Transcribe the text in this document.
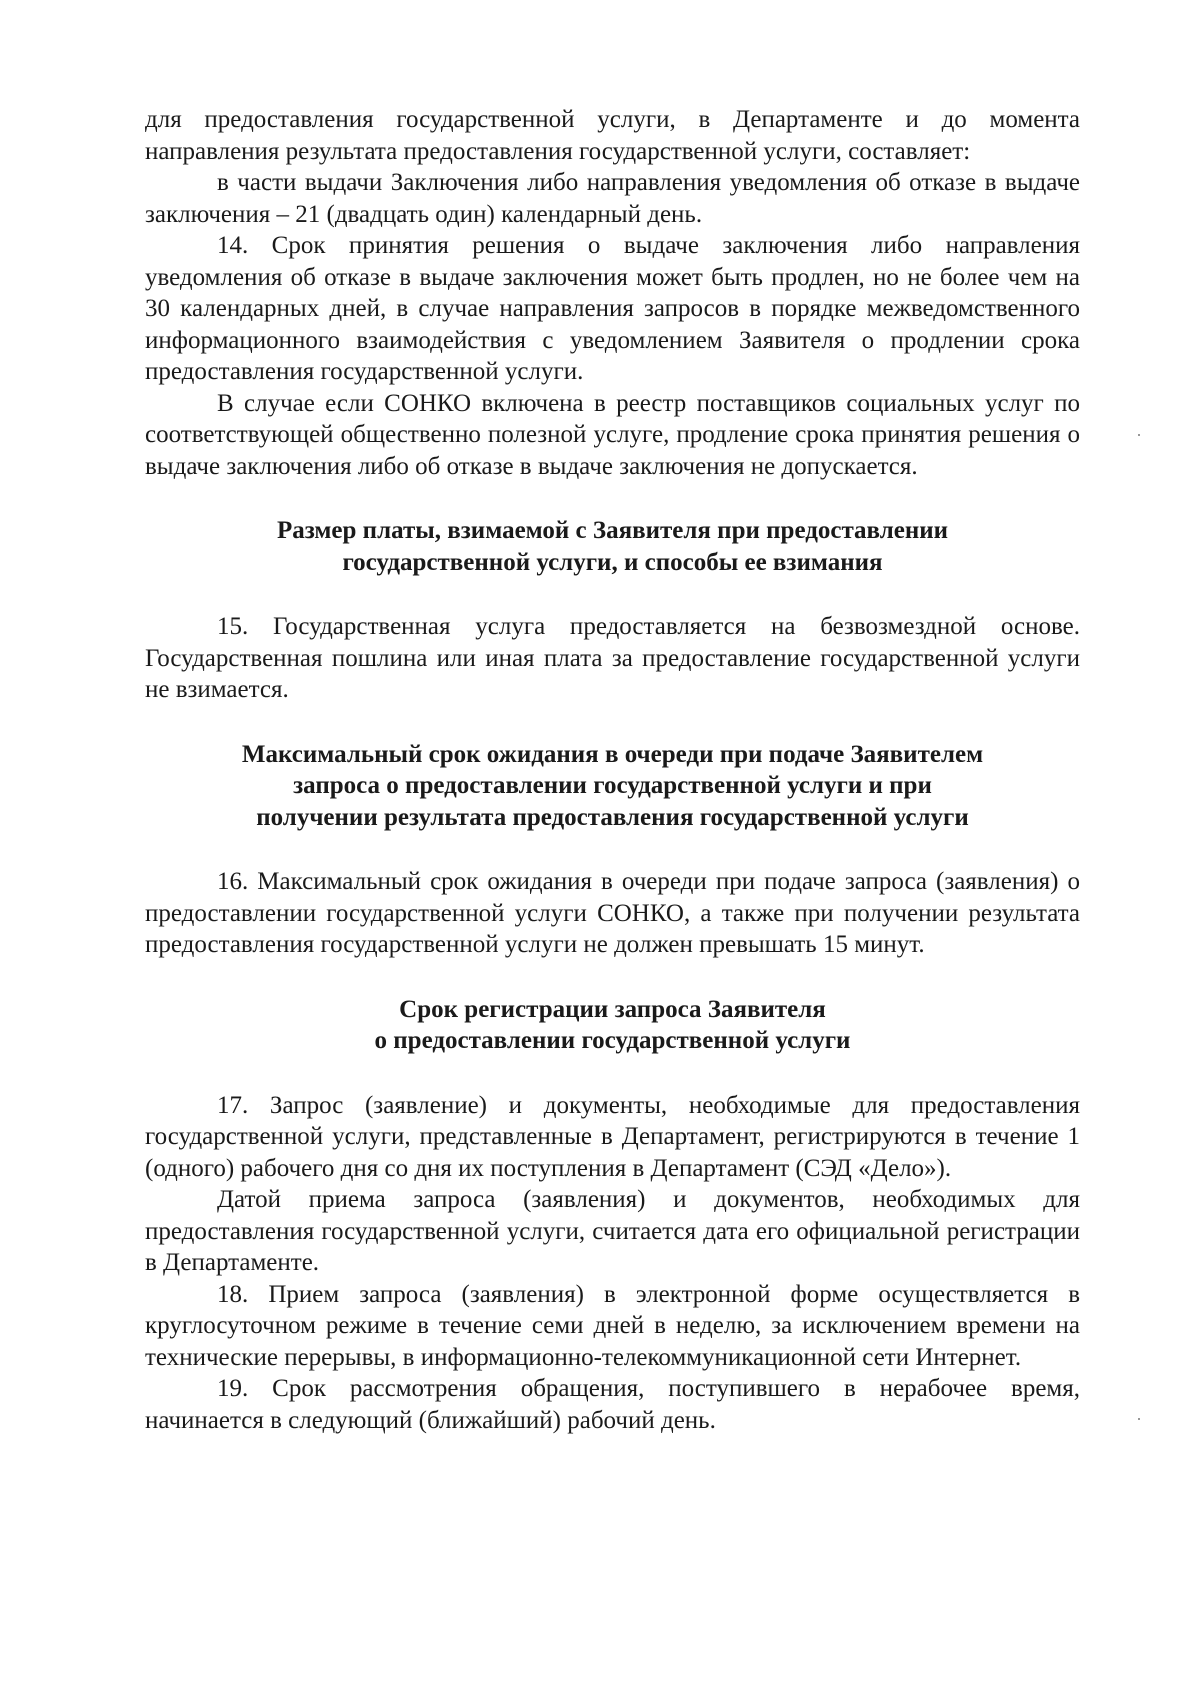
для предоставления государственной услуги, в Департаменте и до момента направления результата предоставления государственной услуги, составляет:

в части выдачи Заключения либо направления уведомления об отказе в выдаче заключения – 21 (двадцать один) календарный день.

14. Срок принятия решения о выдаче заключения либо направления уведомления об отказе в выдаче заключения может быть продлен, но не более чем на 30 календарных дней, в случае направления запросов в порядке межведомственного информационного взаимодействия с уведомлением Заявителя о продлении срока предоставления государственной услуги.

В случае если СОНКО включена в реестр поставщиков социальных услуг по соответствующей общественно полезной услуге, продление срока принятия решения о выдаче заключения либо об отказе в выдаче заключения не допускается.

Размер платы, взимаемой с Заявителя при предоставлении
государственной услуги, и способы ее взимания

15. Государственная услуга предоставляется на безвозмездной основе. Государственная пошлина или иная плата за предоставление государственной услуги не взимается.

Максимальный срок ожидания в очереди при подаче Заявителем
запроса о предоставлении государственной услуги и при
получении результата предоставления государственной услуги

16. Максимальный срок ожидания в очереди при подаче запроса (заявления) о предоставлении государственной услуги СОНКО, а также при получении результата предоставления государственной услуги не должен превышать 15 минут.

Срок регистрации запроса Заявителя
о предоставлении государственной услуги

17. Запрос (заявление) и документы, необходимые для предоставления государственной услуги, представленные в Департамент, регистрируются в течение 1 (одного) рабочего дня со дня их поступления в Департамент (СЭД «Дело»).

Датой приема запроса (заявления) и документов, необходимых для предоставления государственной услуги, считается дата его официальной регистрации в Департаменте.

18. Прием запроса (заявления) в электронной форме осуществляется в круглосуточном режиме в течение семи дней в неделю, за исключением времени на технические перерывы, в информационно-телекоммуникационной сети Интернет.

19. Срок рассмотрения обращения, поступившего в нерабочее время, начинается в следующий (ближайший) рабочий день.
